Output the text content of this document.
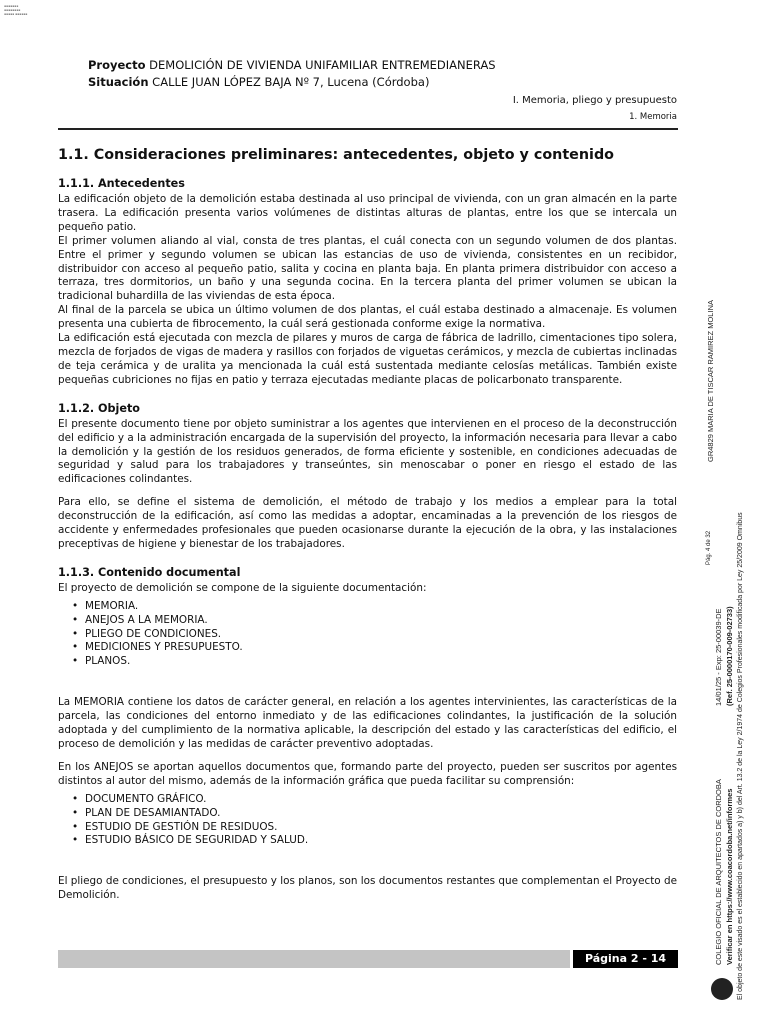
▪▪▪▪▪▪▪ ▪▪▪▪▪▪▪▪ ▪▪▪▪▪ ▪▪▪▪▪▪
Proyecto DEMOLICIÓN DE VIVIENDA UNIFAMILIAR ENTREMEDIANERAS
Situación CALLE JUAN LÓPEZ BAJA Nº 7, Lucena (Córdoba)
I. Memoria, pliego y presupuesto
1. Memoria
1.1. Consideraciones preliminares: antecedentes, objeto y contenido
1.1.1. Antecedentes

La edificación objeto de la demolición estaba destinada al uso principal de vivienda, con un gran almacén en la parte trasera. La edificación presenta varios volúmenes de distintas alturas de plantas, entre los que se intercala un pequeño patio.

El primer volumen aliando al vial, consta de tres plantas, el cuál conecta con un segundo volumen de dos plantas. Entre el primer y segundo volumen se ubican las estancias de uso de vivienda, consistentes en un recibidor, distribuidor con acceso al pequeño patio, salita y cocina en planta baja. En planta primera distribuidor con acceso a terraza, tres dormitorios, un baño y una segunda cocina. En la tercera planta del primer volumen se ubican la tradicional buhardilla de las viviendas de esta época.

Al final de la parcela se ubica un último volumen de dos plantas, el cuál estaba destinado a almacenaje. Es volumen presenta una cubierta de fibrocemento, la cuál será gestionada conforme exige la normativa.

La edificación está ejecutada con mezcla de pilares y muros de carga de fábrica de ladrillo, cimentaciones tipo solera, mezcla de forjados de vigas de madera y rasillos con forjados de viguetas cerámicos, y mezcla de cubiertas inclinadas de teja cerámica y de uralita ya mencionada la cuál está sustentada mediante celosías metálicas. También existe pequeñas cubriciones no fijas en patio y terraza ejecutadas mediante placas de policarbonato transparente.

1.1.2. Objeto

El presente documento tiene por objeto suministrar a los agentes que intervienen en el proceso de la deconstrucción del edificio y a la administración encargada de la supervisión del proyecto, la información necesaria para llevar a cabo la demolición y la gestión de los residuos generados, de forma eficiente y sostenible, en condiciones adecuadas de seguridad y salud para los trabajadores y transeúntes, sin menoscabar o poner en riesgo el estado de las edificaciones colindantes.

Para ello, se define el sistema de demolición, el método de trabajo y los medios a emplear para la total deconstrucción de la edificación, así como las medidas a adoptar, encaminadas a la prevención de los riesgos de accidente y enfermedades profesionales que pueden ocasionarse durante la ejecución de la obra, y las instalaciones preceptivas de higiene y bienestar de los trabajadores.

1.1.3. Contenido documental

El proyecto de demolición se compone de la siguiente documentación:

• MEMORIA.
• ANEJOS A LA MEMORIA.
• PLIEGO DE CONDICIONES.
• MEDICIONES Y PRESUPUESTO.
• PLANOS.

La MEMORIA contiene los datos de carácter general, en relación a los agentes intervinientes, las características de la parcela, las condiciones del entorno inmediato y de las edificaciones colindantes, la justificación de la solución adoptada y del cumplimiento de la normativa aplicable, la descripción del estado y las características del edificio, el proceso de demolición y las medidas de carácter preventivo adoptadas.

En los ANEJOS se aportan aquellos documentos que, formando parte del proyecto, pueden ser suscritos por agentes distintos al autor del mismo, además de la información gráfica que pueda facilitar su comprensión:

• DOCUMENTO GRÁFICO.
• PLAN DE DESAMIANTADO.
• ESTUDIO DE GESTIÓN DE RESIDUOS.
• ESTUDIO BÁSICO DE SEGURIDAD Y SALUD.

El pliego de condiciones, el presupuesto y los planos, son los documentos restantes que complementan el Proyecto de Demolición.

Página 2 - 14
GR4829 MARIA DE TISCAR RAMIREZ MOLINA
Pág. 4 de 32
14/01/25 - Exp: 25-00039-DE (Ref. 25-0000170-009-02733)
COLEGIO OFICIAL DE ARQUITECTOS DE CORDOBA Verificar en https://www.coacordoba.net/informes El objeto de este visado es el establecido en apartados a) y b) del Art. 13.2 de la Ley 2/1974 de Colegios Profesionales modificada por Ley 25/2009 Omnibus
